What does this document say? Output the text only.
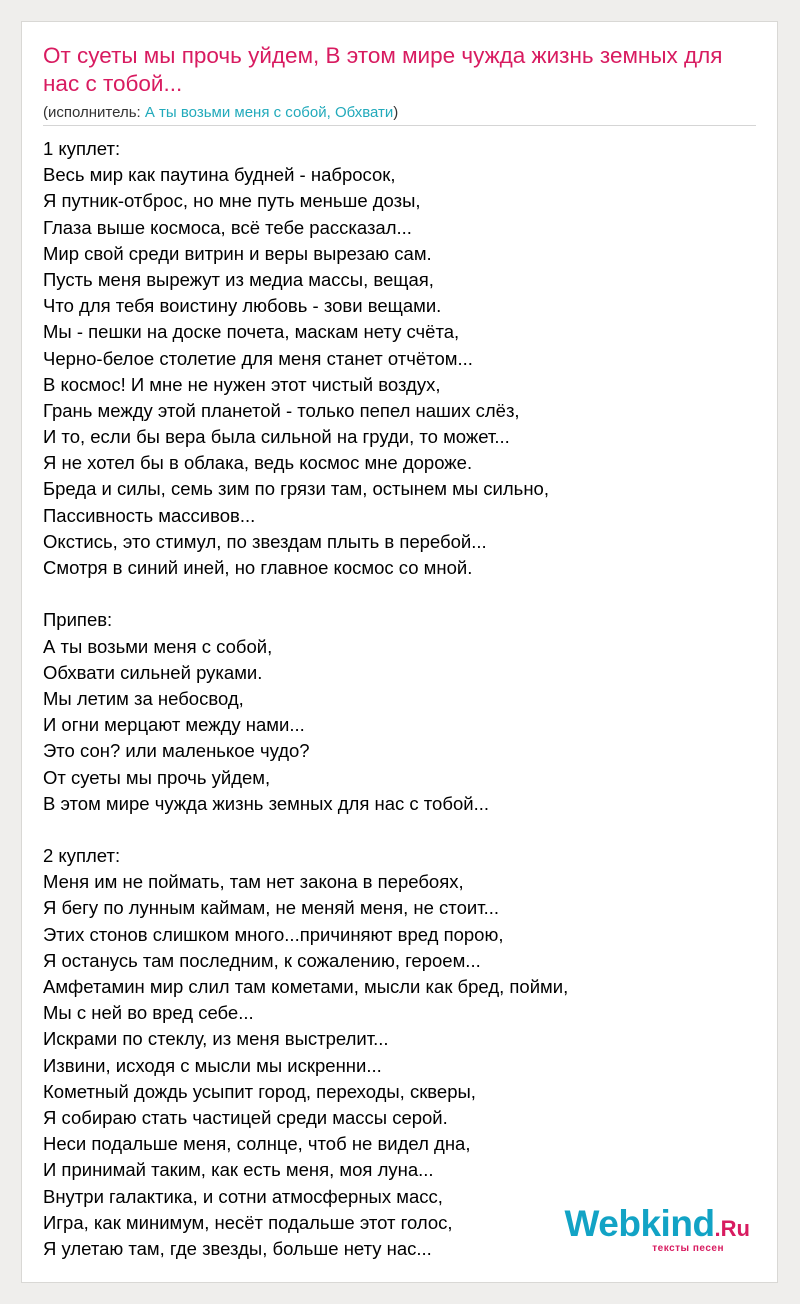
От суеты мы прочь уйдем, В этом мире чужда жизнь земных для нас с тобой...
(исполнитель: А ты возьми меня с собой, Обхвати)
1 куплет:
Весь мир как паутина будней - набросок,
Я путник-отброс, но мне путь меньше дозы,
Глаза выше космоса, всё тебе рассказал...
Мир свой среди витрин и веры вырезаю сам.
Пусть меня вырежут из медиа массы, вещая,
Что для тебя воистину любовь - зови вещами.
Мы - пешки на доске почета, маскам нету счёта,
Черно-белое столетие для меня станет отчётом...
В космос! И мне не нужен этот чистый воздух,
Грань между этой планетой - только пепел наших слёз,
И то, если бы вера была сильной на груди, то может...
Я не хотел бы в облака, ведь космос мне дороже.
Бреда и силы, семь зим по грязи там, остынем мы сильно,
Пассивность массивов...
Окстись, это стимул, по звездам плыть в перебой...
Смотря в синий иней, но главное космос со мной.
Припев:
А ты возьми меня с собой,
Обхвати сильней руками.
Мы летим за небосвод,
И огни мерцают между нами...
Это сон? или маленькое чудо?
От суеты мы прочь уйдем,
В этом мире чужда жизнь земных для нас с тобой...
2 куплет:
Меня им не поймать, там нет закона в перебоях,
Я бегу по лунным каймам, не меняй меня, не стоит...
Этих стонов слишком много...причиняют вред порою,
Я останусь там последним, к сожалению, героем...
Амфетамин мир слил там кометами, мысли как бред, пойми,
Мы с ней во вред себе...
Искрами по стеклу, из меня выстрелит...
Извини, исходя с мысли мы искренни...
Кометный дождь усыпит город, переходы, скверы,
Я собираю стать частицей среди массы серой.
Неси подальше меня, солнце, чтоб не видел дна,
И принимай таким, как есть меня, моя луна...
Внутри галактика, и сотни атмосферных масс,
Игра, как минимум, несёт подальше этот голос,
Я улетаю там, где звезды, больше нету нас...
Webkind.Ru
тексты песен
